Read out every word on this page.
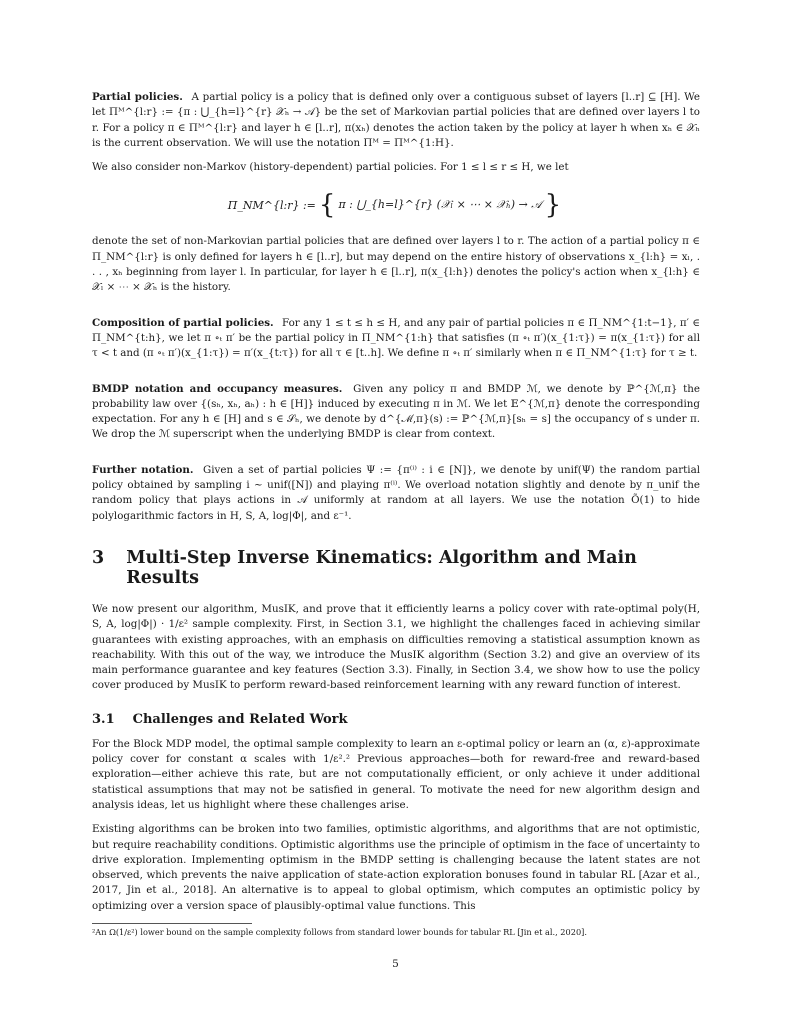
Partial policies. A partial policy is a policy that is defined only over a contiguous subset of layers [l..r] ⊆ [H]. We let Πᴹ^{l:r} := {π : ⋃_{h=l}^{r} 𝒳ₕ → 𝒜} be the set of Markovian partial policies that are defined over layers l to r. For a policy π ∈ Πᴹ^{l:r} and layer h ∈ [l..r], π(xₕ) denotes the action taken by the policy at layer h when xₕ ∈ 𝒳ₕ is the current observation. We will use the notation Πᴹ = Πᴹ^{1:H}.

We also consider non-Markov (history-dependent) partial policies. For 1 ≤ l ≤ r ≤ H, we let

Π_NM^{l:r} := { π : ⋃_{h=l}^{r} (𝒳ₗ × ⋯ × 𝒳ₕ) → 𝒜 }

denote the set of non-Markovian partial policies that are defined over layers l to r. The action of a partial policy π ∈ Π_NM^{l:r} is only defined for layers h ∈ [l..r], but may depend on the entire history of observations x_{l:h} = xₗ, . . . , xₕ beginning from layer l. In particular, for layer h ∈ [l..r], π(x_{l:h}) denotes the policy's action when x_{l:h} ∈ 𝒳ₗ × ⋯ × 𝒳ₕ is the history.

Composition of partial policies. For any 1 ≤ t ≤ h ≤ H, and any pair of partial policies π ∈ Π_NM^{1:t−1}, π′ ∈ Π_NM^{t:h}, we let π ∘ₜ π′ be the partial policy in Π_NM^{1:h} that satisfies (π ∘ₜ π′)(x_{1:τ}) = π(x_{1:τ}) for all τ < t and (π ∘ₜ π′)(x_{1:τ}) = π′(x_{t:τ}) for all τ ∈ [t..h]. We define π ∘ₜ π′ similarly when π ∈ Π_NM^{1:τ} for τ ≥ t.

BMDP notation and occupancy measures. Given any policy π and BMDP ℳ, we denote by ℙ^{ℳ,π} the probability law over {(sₕ, xₕ, aₕ) : h ∈ [H]} induced by executing π in ℳ. We let 𝔼^{ℳ,π} denote the corresponding expectation. For any h ∈ [H] and s ∈ 𝒮ₕ, we denote by d^{ℳ,π}(s) := ℙ^{ℳ,π}[sₕ = s] the occupancy of s under π. We drop the ℳ superscript when the underlying BMDP is clear from context.

Further notation. Given a set of partial policies Ψ := {π⁽ⁱ⁾ : i ∈ [N]}, we denote by unif(Ψ) the random partial policy obtained by sampling i ∼ unif([N]) and playing π⁽ⁱ⁾. We overload notation slightly and denote by π_unif the random policy that plays actions in 𝒜 uniformly at random at all layers. We use the notation Õ(1) to hide polylogarithmic factors in H, S, A, log|Φ|, and ε⁻¹.

3 Multi-Step Inverse Kinematics: Algorithm and Main Results

We now present our algorithm, MusIK, and prove that it efficiently learns a policy cover with rate-optimal poly(H, S, A, log|Φ|) · 1/ε² sample complexity. First, in Section 3.1, we highlight the challenges faced in achieving similar guarantees with existing approaches, with an emphasis on difficulties removing a statistical assumption known as reachability. With this out of the way, we introduce the MusIK algorithm (Section 3.2) and give an overview of its main performance guarantee and key features (Section 3.3). Finally, in Section 3.4, we show how to use the policy cover produced by MusIK to perform reward-based reinforcement learning with any reward function of interest.

3.1 Challenges and Related Work

For the Block MDP model, the optimal sample complexity to learn an ε-optimal policy or learn an (α, ε)-approximate policy cover for constant α scales with 1/ε².² Previous approaches—both for reward-free and reward-based exploration—either achieve this rate, but are not computationally efficient, or only achieve it under additional statistical assumptions that may not be satisfied in general. To motivate the need for new algorithm design and analysis ideas, let us highlight where these challenges arise.

Existing algorithms can be broken into two families, optimistic algorithms, and algorithms that are not optimistic, but require reachability conditions. Optimistic algorithms use the principle of optimism in the face of uncertainty to drive exploration. Implementing optimism in the BMDP setting is challenging because the latent states are not observed, which prevents the naive application of state-action exploration bonuses found in tabular RL [Azar et al., 2017, Jin et al., 2018]. An alternative is to appeal to global optimism, which computes an optimistic policy by optimizing over a version space of plausibly-optimal value functions. This

²An Ω(1/ε²) lower bound on the sample complexity follows from standard lower bounds for tabular RL [Jin et al., 2020].

5
